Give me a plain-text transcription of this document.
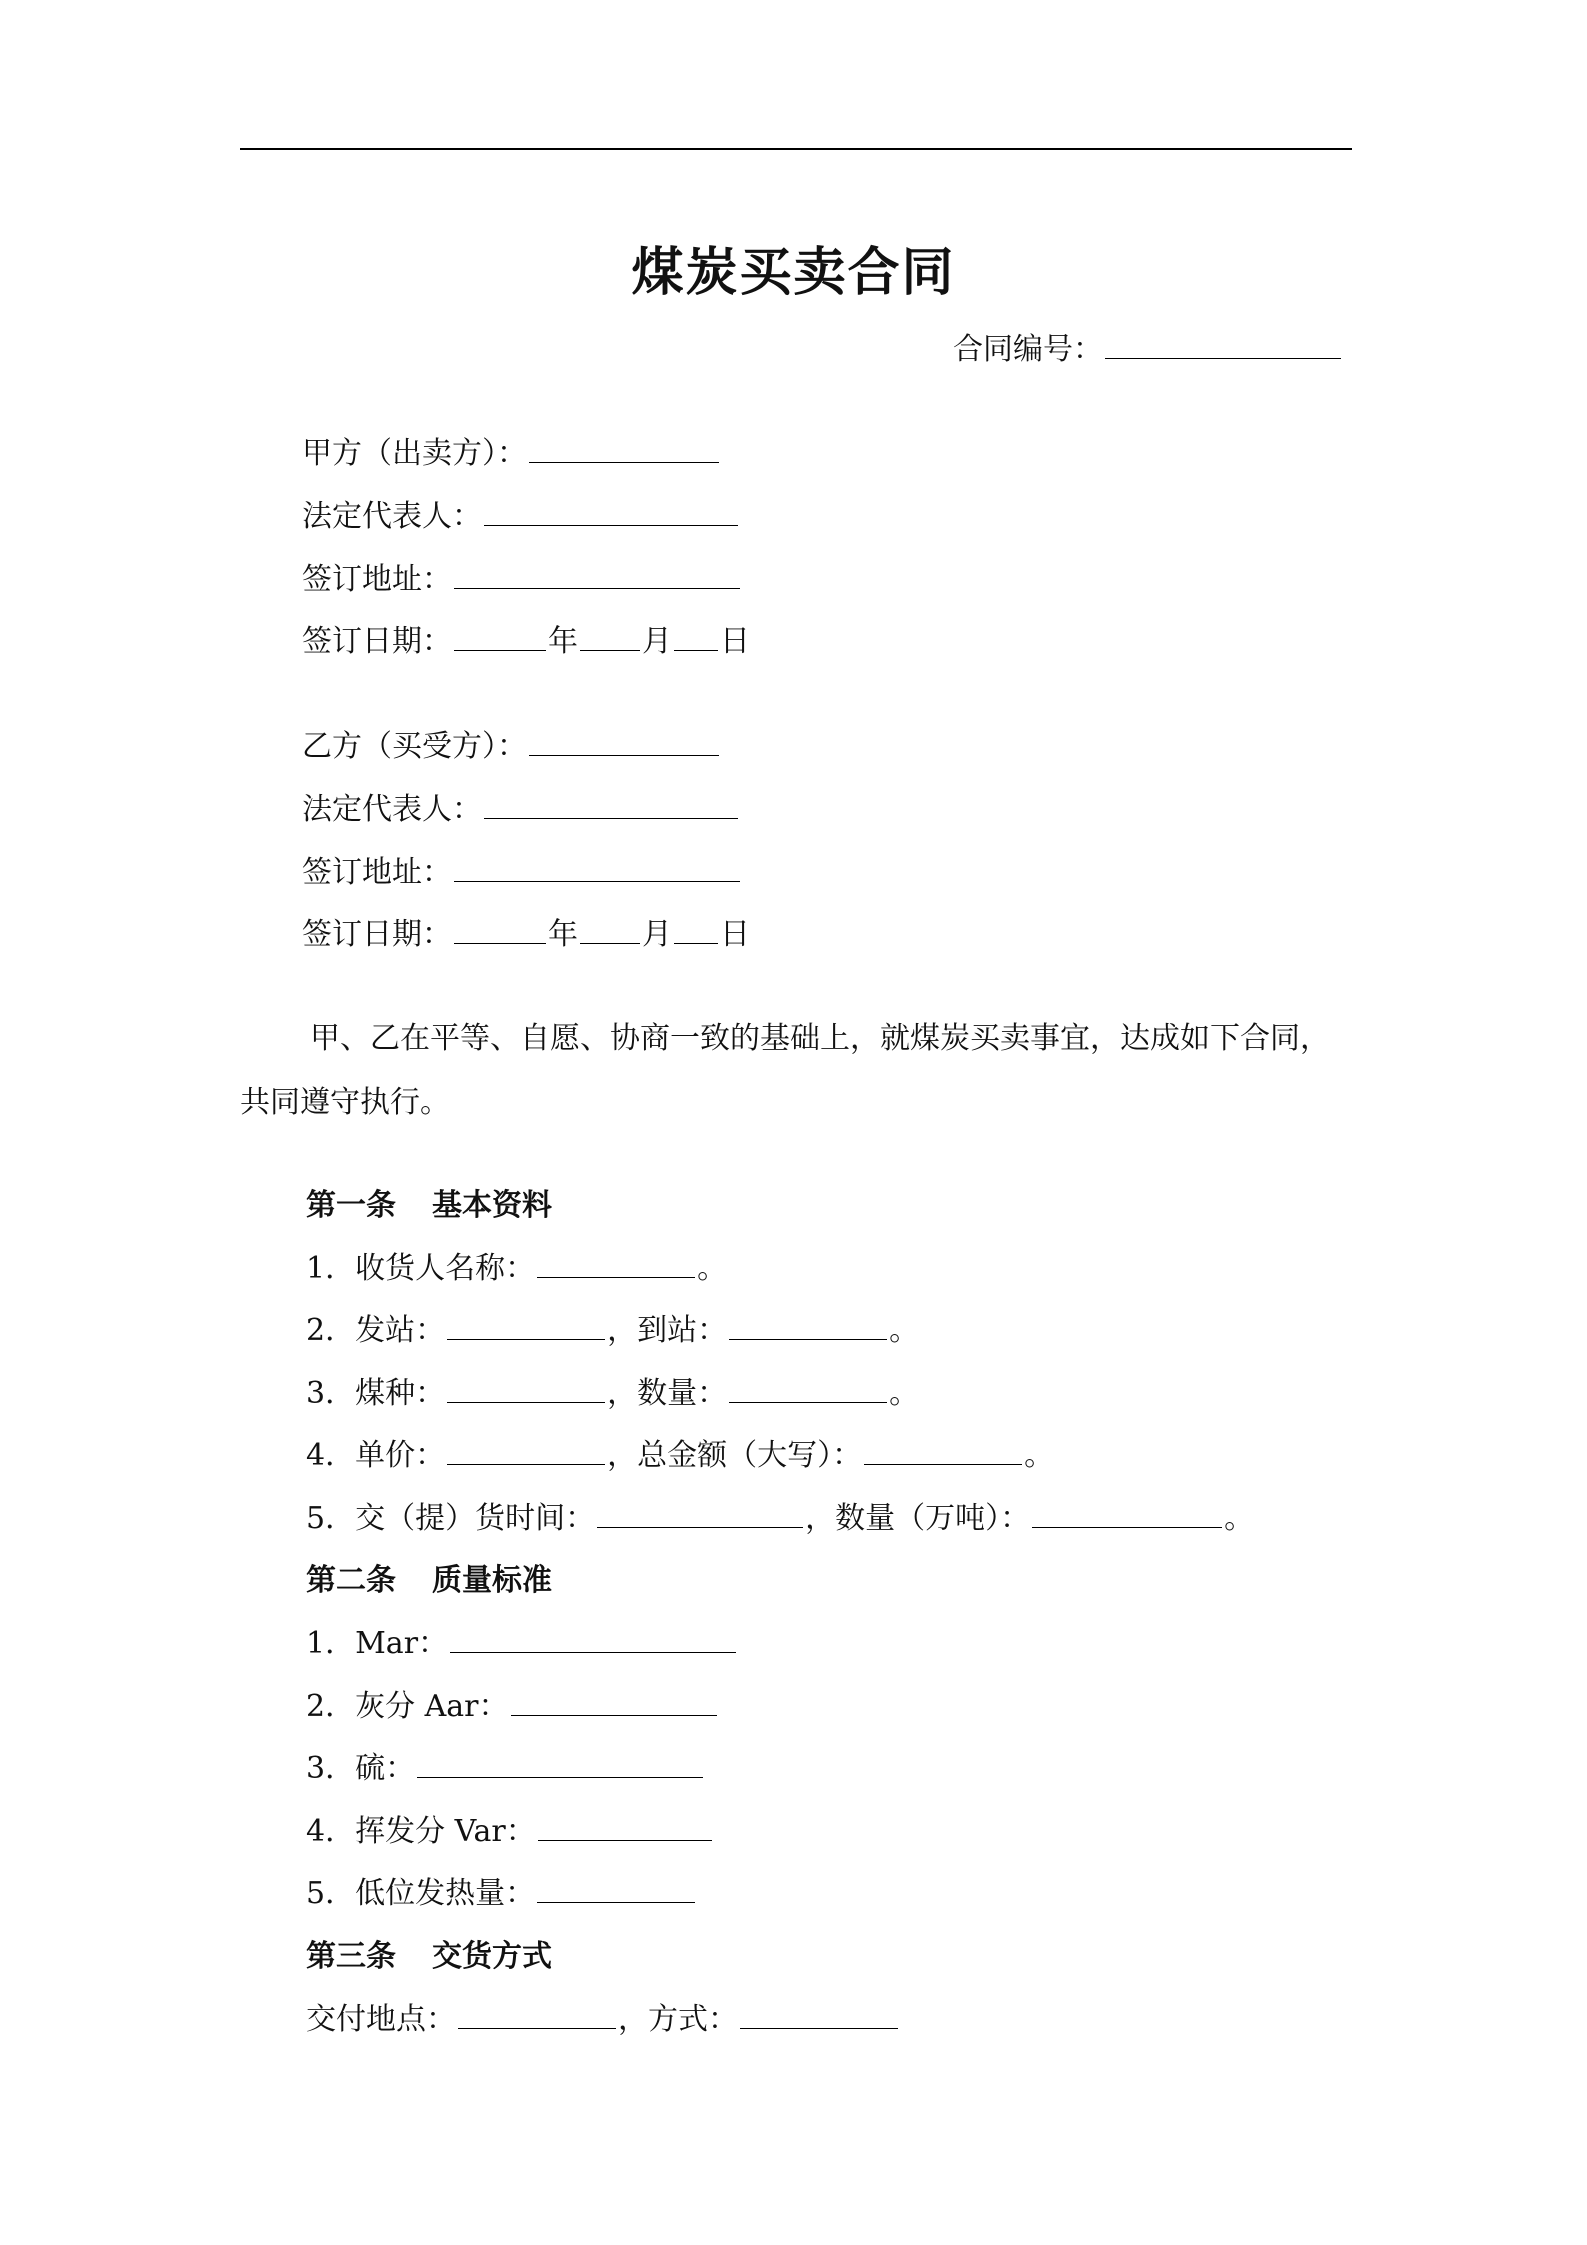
煤炭买卖合同
合同编号：
甲方（出卖方）：
法定代表人：
签订地址：
签订日期：	年 月 日
乙方（买受方）：
法定代表人：
签订地址：
签订日期：	年 月 日
甲、乙在平等、自愿、协商一致的基础上，就煤炭买卖事宜，达成如下合同，
共同遵守执行。
第一条 基本资料
1．收货人名称：	。
2．发站：	，到站：	。
3．煤种：	，数量：	。
4．单价：	，总金额（大写）：	。
5．交（提）货时间：	，数量（万吨）：	。
第二条 质量标准
1．Mar：
2．灰分 Aar：
3．硫：
4．挥发分 Var：
5．低位发热量：
第三条 交货方式
交付地点：	，方式：
